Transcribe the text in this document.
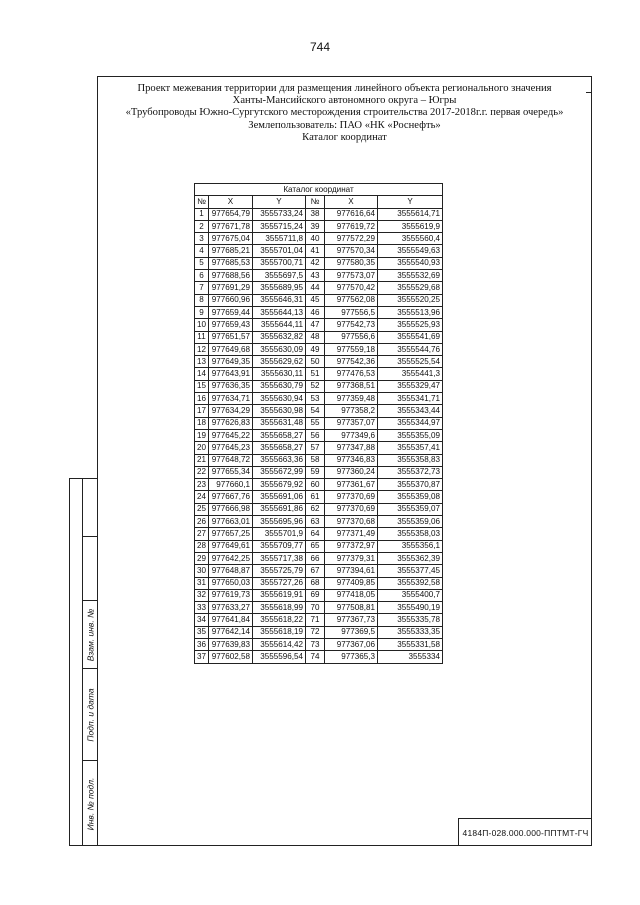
744
Проект межевания территории для размещения линейного объекта регионального значения
Ханты-Мансийского автономного округа – Югры
«Трубопроводы Южно-Сургутского месторождения строительства 2017-2018г.г. первая очередь»
Землепользователь: ПАО «НК «Роснефть»
Каталог координат
Каталог координат					
№	X	Y	№	X	Y
1	977654,79	3555733,24	38	977616,64	3555614,71
2	977671,78	3555715,24	39	977619,72	3555619,9
3	977675,04	3555711,8	40	977572,29	3555560,4
4	977685,21	3555701,04	41	977570,34	3555549,63
5	977685,53	3555700,71	42	977580,35	3555540,93
6	977688,56	3555697,5	43	977573,07	3555532,69
7	977691,29	3555689,95	44	977570,42	3555529,68
8	977660,96	3555646,31	45	977562,08	3555520,25
9	977659,44	3555644,13	46	977556,5	3555513,96
10	977659,43	3555644,11	47	977542,73	3555525,93
11	977651,57	3555632,82	48	977556,6	3555541,69
12	977649,68	3555630,09	49	977559,18	3555544,76
13	977649,35	3555629,62	50	977542,36	3555525,54
14	977643,91	3555630,11	51	977476,53	3555441,3
15	977636,35	3555630,79	52	977368,51	3555329,47
16	977634,71	3555630,94	53	977359,48	3555341,71
17	977634,29	3555630,98	54	977358,2	3555343,44
18	977626,83	3555631,48	55	977357,07	3555344,97
19	977645,22	3555658,27	56	977349,6	3555355,09
20	977645,23	3555658,27	57	977347,88	3555357,41
21	977648,72	3555663,36	58	977346,83	3555358,83
22	977655,34	3555672,99	59	977360,24	3555372,73
23	977660,1	3555679,92	60	977361,67	3555370,87
24	977667,76	3555691,06	61	977370,69	3555359,08
25	977666,98	3555691,86	62	977370,69	3555359,07
26	977663,01	3555695,96	63	977370,68	3555359,06
27	977657,25	3555701,9	64	977371,49	3555358,03
28	977649,61	3555709,77	65	977372,97	3555356,1
29	977642,25	3555717,38	66	977379,31	3555362,39
30	977648,87	3555725,79	67	977394,61	3555377,45
31	977650,03	3555727,26	68	977409,85	3555392,58
32	977619,73	3555619,91	69	977418,05	3555400,7
33	977633,27	3555618,99	70	977508,81	3555490,19
34	977641,84	3555618,22	71	977367,73	3555335,78
35	977642,14	3555618,19	72	977369,5	3555333,35
36	977639,83	3555614,42	73	977367,06	3555331,58
37	977602,58	3555596,54	74	977365,3	3555334
Взам. инв. №
Подп. и дата
Инв. № подл.
4184П-028.000.000-ППТМТ-ГЧ
